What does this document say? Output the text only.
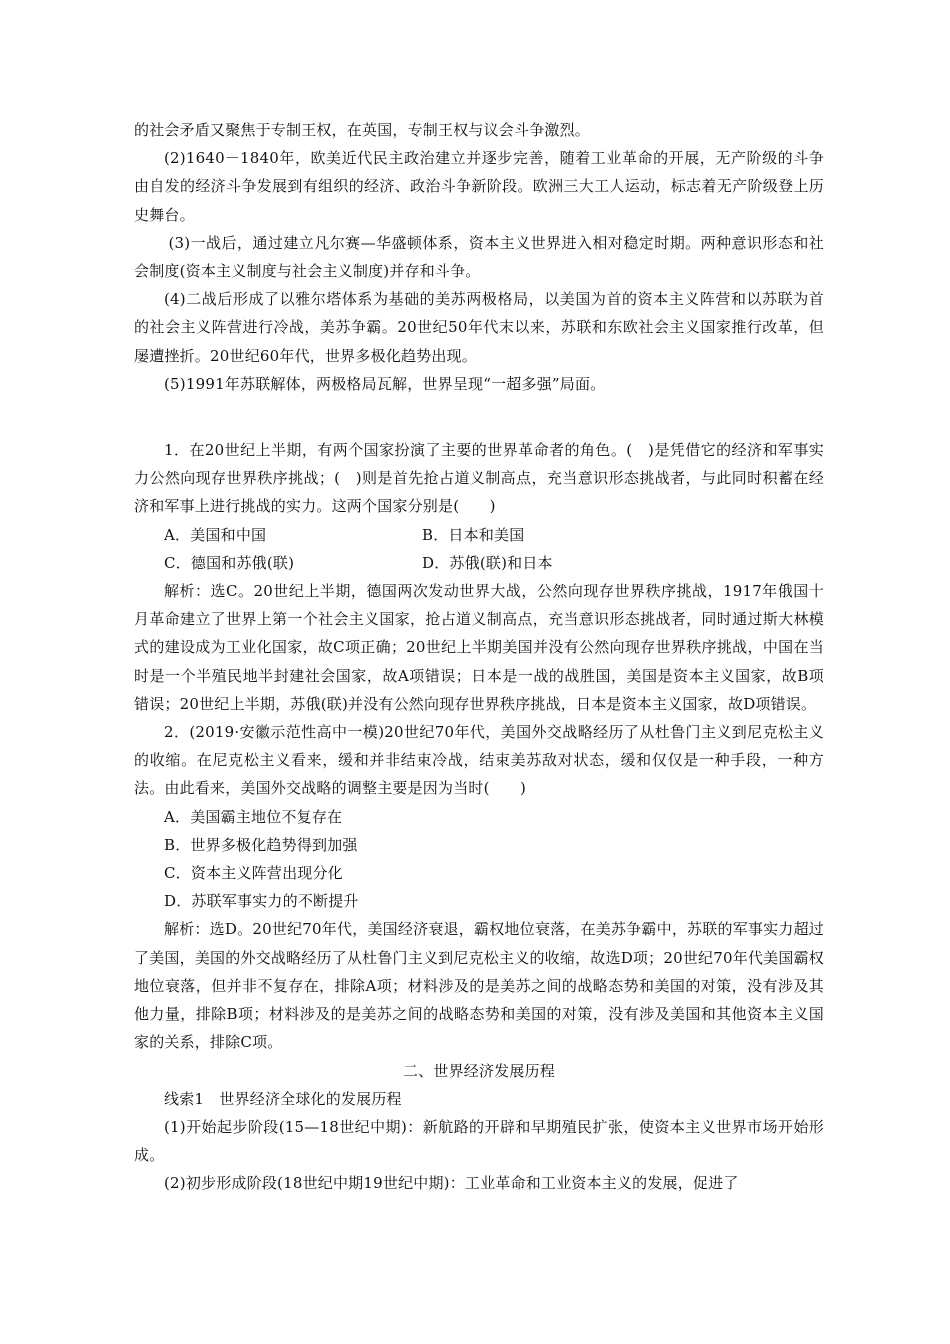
的社会矛盾又聚焦于专制王权，在英国，专制王权与议会斗争激烈。

(2)1640－1840年，欧美近代民主政治建立并逐步完善，随着工业革命的开展，无产阶级的斗争由自发的经济斗争发展到有组织的经济、政治斗争新阶段。欧洲三大工人运动，标志着无产阶级登上历史舞台。

(3)一战后，通过建立凡尔赛—华盛顿体系，资本主义世界进入相对稳定时期。两种意识形态和社会制度(资本主义制度与社会主义制度)并存和斗争。

(4)二战后形成了以雅尔塔体系为基础的美苏两极格局，以美国为首的资本主义阵营和以苏联为首的社会主义阵营进行冷战，美苏争霸。20世纪50年代末以来，苏联和东欧社会主义国家推行改革，但屡遭挫折。20世纪60年代，世界多极化趋势出现。

(5)1991年苏联解体，两极格局瓦解，世界呈现“一超多强”局面。

1．在20世纪上半期，有两个国家扮演了主要的世界革命者的角色。(　)是凭借它的经济和军事实力公然向现存世界秩序挑战；(　)则是首先抢占道义制高点，充当意识形态挑战者，与此同时积蓄在经济和军事上进行挑战的实力。这两个国家分别是(　　)

A．美国和中国	B．日本和美国
C．德国和苏俄(联)	D．苏俄(联)和日本

解析：选C。20世纪上半期，德国两次发动世界大战，公然向现存世界秩序挑战，1917年俄国十月革命建立了世界上第一个社会主义国家，抢占道义制高点，充当意识形态挑战者，同时通过斯大林模式的建设成为工业化国家，故C项正确；20世纪上半期美国并没有公然向现存世界秩序挑战，中国在当时是一个半殖民地半封建社会国家，故A项错误；日本是一战的战胜国，美国是资本主义国家，故B项错误；20世纪上半期，苏俄(联)并没有公然向现存世界秩序挑战，日本是资本主义国家，故D项错误。

2．(2019·安徽示范性高中一模)20世纪70年代，美国外交战略经历了从杜鲁门主义到尼克松主义的收缩。在尼克松主义看来，缓和并非结束冷战，结束美苏敌对状态，缓和仅仅是一种手段，一种方法。由此看来，美国外交战略的调整主要是因为当时(　　)

A．美国霸主地位不复存在
B．世界多极化趋势得到加强
C．资本主义阵营出现分化
D．苏联军事实力的不断提升

解析：选D。20世纪70年代，美国经济衰退，霸权地位衰落，在美苏争霸中，苏联的军事实力超过了美国，美国的外交战略经历了从杜鲁门主义到尼克松主义的收缩，故选D项；20世纪70年代美国霸权地位衰落，但并非不复存在，排除A项；材料涉及的是美苏之间的战略态势和美国的对策，没有涉及其他力量，排除B项；材料涉及的是美苏之间的战略态势和美国的对策，没有涉及美国和其他资本主义国家的关系，排除C项。

二、世界经济发展历程

线索1　世界经济全球化的发展历程

(1)开始起步阶段(15—18世纪中期)：新航路的开辟和早期殖民扩张，使资本主义世界市场开始形成。

(2)初步形成阶段(18世纪中期19世纪中期)：工业革命和工业资本主义的发展，促进了
